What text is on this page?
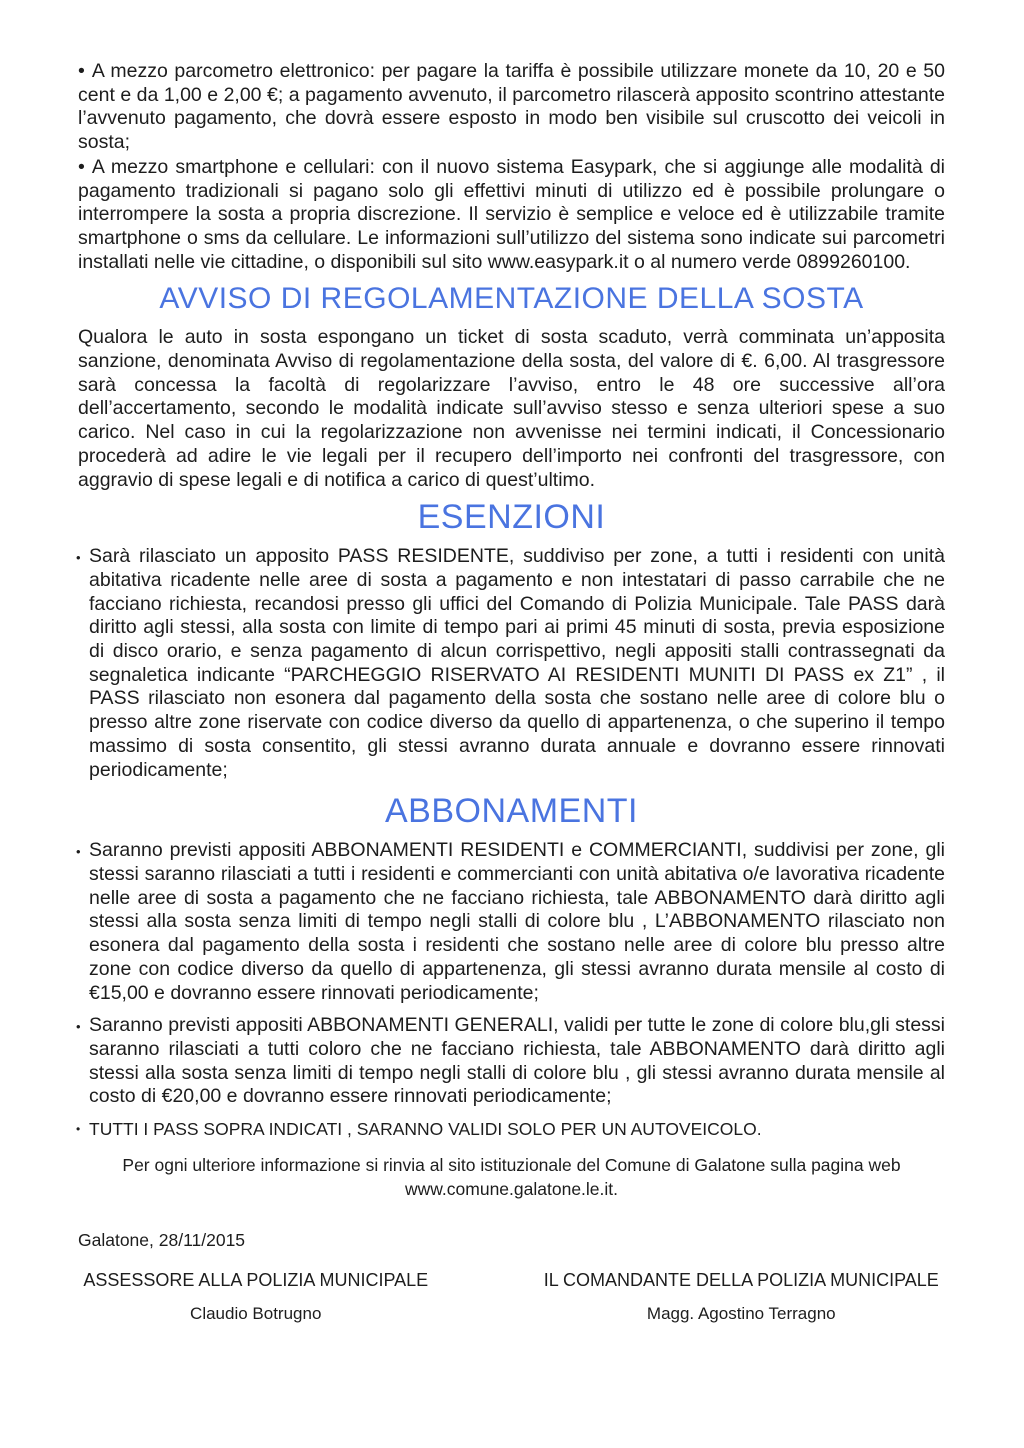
• A mezzo parcometro elettronico: per pagare la tariffa è possibile utilizzare monete da 10, 20 e 50 cent e da 1,00 e 2,00 €; a pagamento avvenuto, il parcometro rilascerà apposito scontrino attestante l’avvenuto pagamento, che dovrà essere esposto in modo ben visibile sul cruscotto dei veicoli in sosta;

• A mezzo smartphone e cellulari: con il nuovo sistema Easypark, che si aggiunge alle modalità di pagamento tradizionali si pagano solo gli effettivi minuti di utilizzo ed è possibile prolungare o interrompere la sosta a propria discrezione. Il servizio è semplice e veloce ed è utilizzabile tramite smartphone o sms da cellulare. Le informazioni sull’utilizzo del sistema sono indicate sui parcometri installati nelle vie cittadine, o disponibili sul sito www.easypark.it o al numero verde 0899260100.

AVVISO DI REGOLAMENTAZIONE DELLA SOSTA

Qualora le auto in sosta espongano un ticket di sosta scaduto, verrà comminata un’apposita sanzione, denominata Avviso di regolamentazione della sosta, del valore di €. 6,00. Al trasgressore sarà concessa la facoltà di regolarizzare l’avviso, entro le 48 ore successive all’ora dell’accertamento, secondo le modalità indicate sull’avviso stesso e senza ulteriori spese a suo carico. Nel caso in cui la regolarizzazione non avvenisse nei termini indicati, il Concessionario procederà ad adire le vie legali per il recupero dell’importo nei confronti del trasgressore, con aggravio di spese legali e di notifica a carico di quest’ultimo.

ESENZIONI

• Sarà rilasciato un apposito PASS RESIDENTE, suddiviso per zone, a tutti i residenti con unità abitativa ricadente nelle aree di sosta a pagamento e non intestatari di passo carrabile che ne facciano richiesta, recandosi presso gli uffici del Comando di Polizia Municipale. Tale PASS darà diritto agli stessi, alla sosta con limite di tempo pari ai primi 45 minuti di sosta, previa esposizione di disco orario, e senza pagamento di alcun corrispettivo, negli appositi stalli contrassegnati da segnaletica indicante “PARCHEGGIO RISERVATO AI RESIDENTI MUNITI DI PASS ex Z1” , il PASS rilasciato non esonera dal pagamento della sosta che sostano nelle aree di colore blu o presso altre zone riservate con codice diverso da quello di appartenenza, o che superino il tempo massimo di sosta consentito, gli stessi avranno durata annuale e dovranno essere rinnovati periodicamente;

ABBONAMENTI

• Saranno previsti appositi ABBONAMENTI RESIDENTI e COMMERCIANTI, suddivisi per zone, gli stessi saranno rilasciati a tutti i residenti e commercianti con unità abitativa o/e lavorativa ricadente nelle aree di sosta a pagamento che ne facciano richiesta, tale ABBONAMENTO darà diritto agli stessi alla sosta senza limiti di tempo negli stalli di colore blu , L’ABBONAMENTO rilasciato non esonera dal pagamento della sosta i residenti che sostano nelle aree di colore blu presso altre zone con codice diverso da quello di appartenenza, gli stessi avranno durata mensile al costo di €15,00 e dovranno essere rinnovati periodicamente;

• Saranno previsti appositi ABBONAMENTI GENERALI, validi per tutte le zone di colore blu,gli stessi saranno rilasciati a tutti coloro che ne facciano richiesta, tale ABBONAMENTO darà diritto agli stessi alla sosta senza limiti di tempo negli stalli di colore blu , gli stessi avranno durata mensile al costo di €20,00 e dovranno essere rinnovati periodicamente;

• TUTTI I PASS SOPRA INDICATI , SARANNO VALIDI SOLO PER UN AUTOVEICOLO.

Per ogni ulteriore informazione si rinvia al sito istituzionale del Comune di Galatone sulla pagina web www.comune.galatone.le.it.

Galatone, 28/11/2015

ASSESSORE ALLA POLIZIA MUNICIPALE
Claudio Botrugno
IL COMANDANTE DELLA POLIZIA MUNICIPALE
Magg. Agostino Terragno
